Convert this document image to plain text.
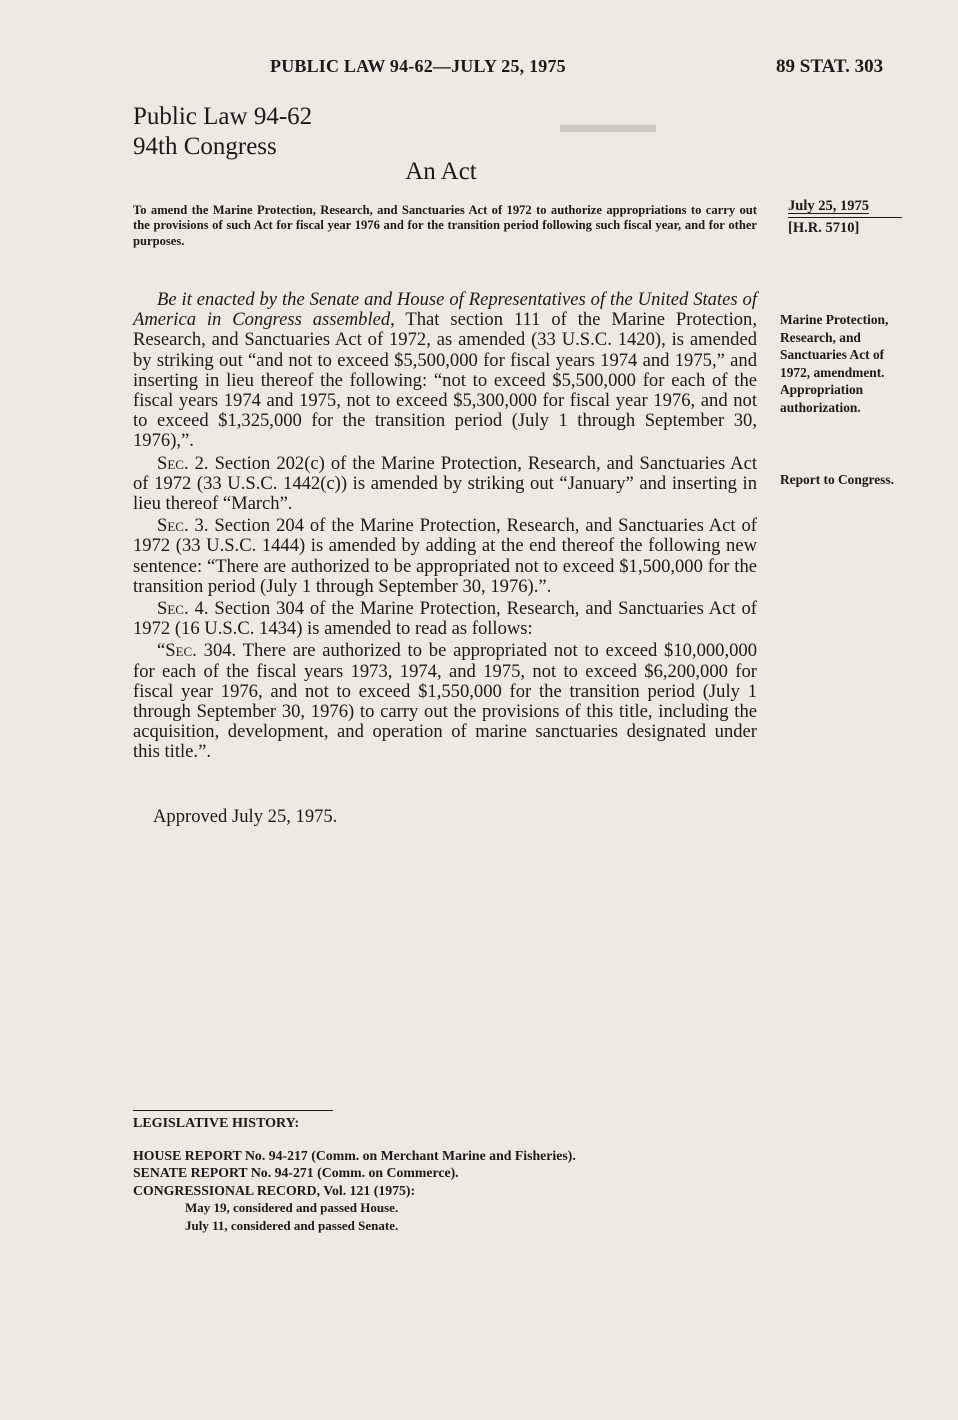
▬▬▬▬
PUBLIC LAW 94-62—JULY 25, 1975	89 STAT. 303
Public Law 94-62
94th Congress
An Act
To amend the Marine Protection, Research, and Sanctuaries Act of 1972 to authorize appropriations to carry out the provisions of such Act for fiscal year 1976 and for the transition period following such fiscal year, and for other purposes.
July 25, 1975
[H.R. 5710]

Be it enacted by the Senate and House of Representatives of the United States of America in Congress assembled, That section 111 of the Marine Protection, Research, and Sanctuaries Act of 1972, as amended (33 U.S.C. 1420), is amended by striking out “and not to exceed $5,500,000 for fiscal years 1974 and 1975,” and inserting in lieu thereof the following: “not to exceed $5,500,000 for each of the fiscal years 1974 and 1975, not to exceed $5,300,000 for fiscal year 1976, and not to exceed $1,325,000 for the transition period (July 1 through September 30, 1976),”.

Sec. 2. Section 202(c) of the Marine Protection, Research, and Sanctuaries Act of 1972 (33 U.S.C. 1442(c)) is amended by striking out “January” and inserting in lieu thereof “March”.

Sec. 3. Section 204 of the Marine Protection, Research, and Sanctuaries Act of 1972 (33 U.S.C. 1444) is amended by adding at the end thereof the following new sentence: “There are authorized to be appropriated not to exceed $1,500,000 for the transition period (July 1 through September 30, 1976).”.

Sec. 4. Section 304 of the Marine Protection, Research, and Sanctuaries Act of 1972 (16 U.S.C. 1434) is amended to read as follows:

“Sec. 304. There are authorized to be appropriated not to exceed $10,000,000 for each of the fiscal years 1973, 1974, and 1975, not to exceed $6,200,000 for fiscal year 1976, and not to exceed $1,550,000 for the transition period (July 1 through September 30, 1976) to carry out the provisions of this title, including the acquisition, development, and operation of marine sanctuaries designated under this title.”.

Approved July 25, 1975.
Marine Protection, Research, and Sanctuaries Act of 1972, amendment. Appropriation authorization.
Report to Congress.
LEGISLATIVE HISTORY:
HOUSE REPORT No. 94-217 (Comm. on Merchant Marine and Fisheries).
SENATE REPORT No. 94-271 (Comm. on Commerce).
CONGRESSIONAL RECORD, Vol. 121 (1975):
May 19, considered and passed House.
July 11, considered and passed Senate.
